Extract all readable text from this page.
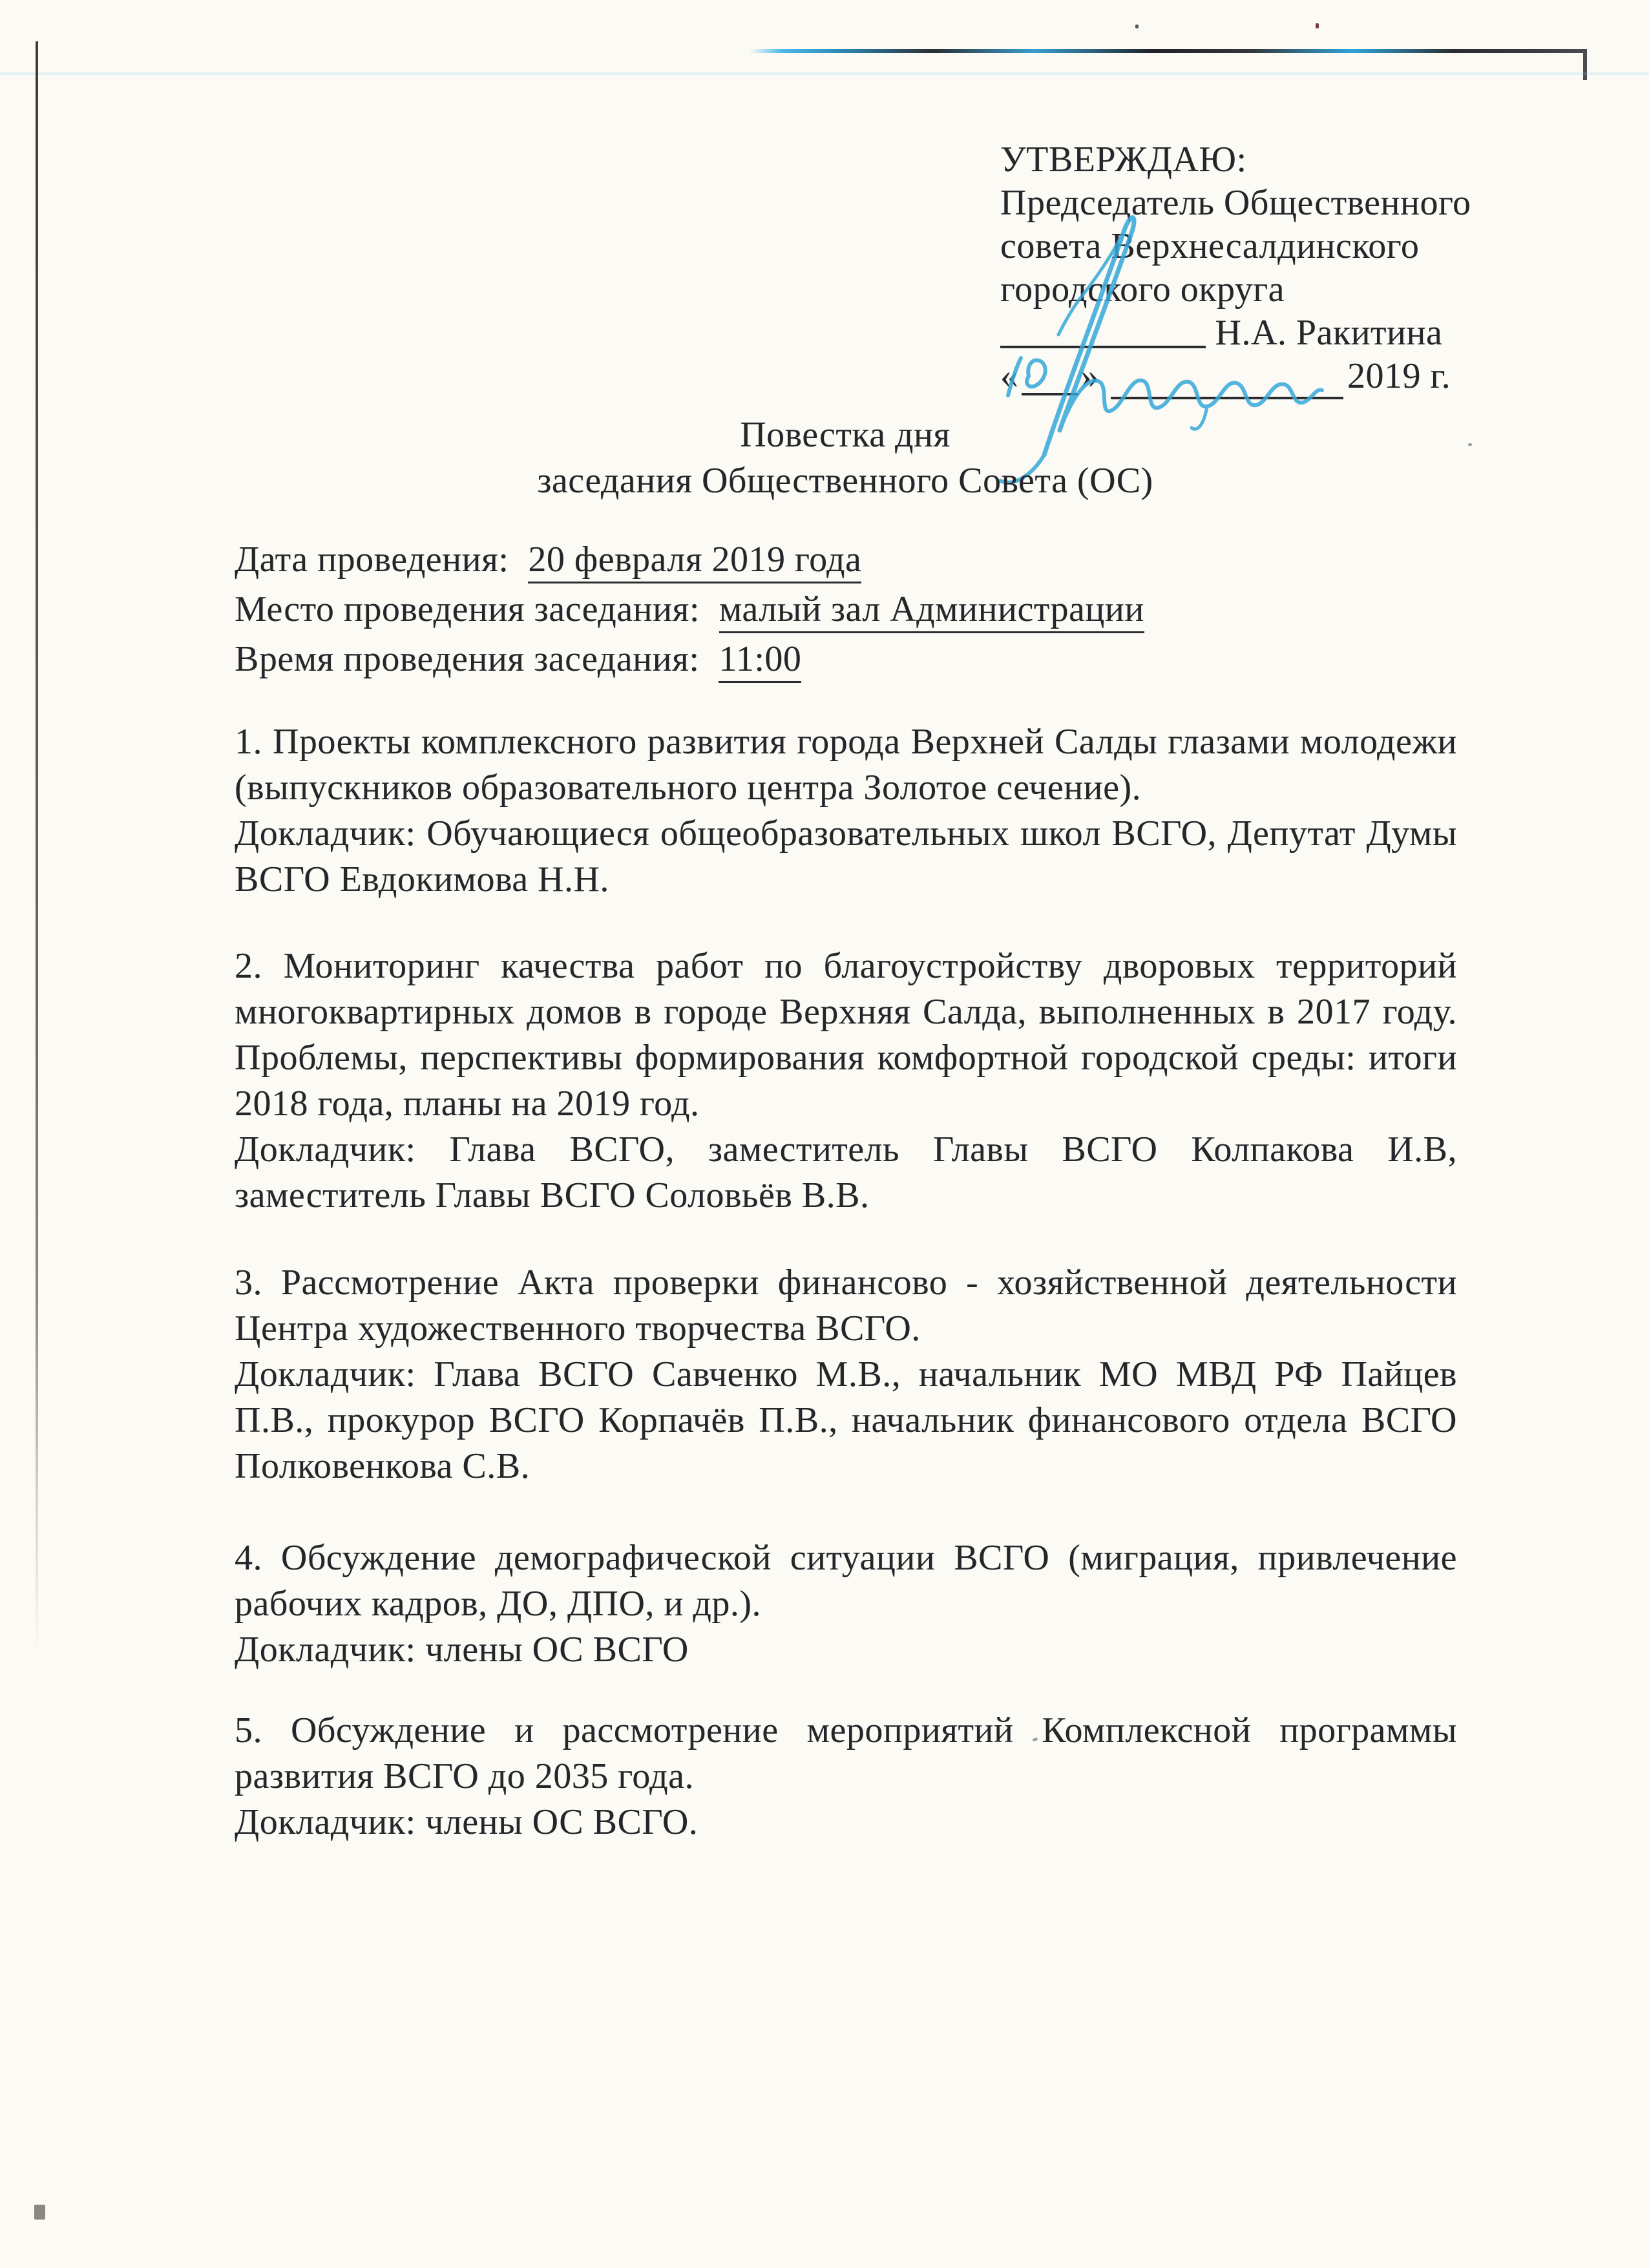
УТВЕРЖДАЮ:
Председатель Общественного
совета Верхнесалдинского
городского округа
Н.А. Ракитина
« »	2019 г.
Повестка дня
заседания Общественного Совета (ОС)
Дата проведения: 20 февраля 2019 года
Место проведения заседания: малый зал Администрации
Время проведения заседания: 11:00

1. Проекты комплексного развития города Верхней Салды глазами молодежи (выпускников образовательного центра Золотое сечение).

Докладчик: Обучающиеся общеобразовательных школ ВСГО, Депутат Думы ВСГО Евдокимова Н.Н.

2. Мониторинг качества работ по благоустройству дворовых территорий многоквартирных домов в городе Верхняя Салда, выполненных в 2017 году. Проблемы, перспективы формирования комфортной городской среды: итоги 2018 года, планы на 2019 год.

Докладчик: Глава ВСГО, заместитель Главы ВСГО Колпакова И.В, заместитель Главы ВСГО Соловьёв В.В.

3. Рассмотрение Акта проверки финансово - хозяйственной деятельности Центра художественного творчества ВСГО.

Докладчик: Глава ВСГО Савченко М.В., начальник МО МВД РФ Пайцев П.В., прокурор ВСГО Корпачёв П.В., начальник финансового отдела ВСГО Полковенкова С.В.

4. Обсуждение демографической ситуации ВСГО (миграция, привлечение рабочих кадров, ДО, ДПО, и др.).

Докладчик: члены ОС ВСГО

5. Обсуждение и рассмотрение мероприятий Комплексной программы развития ВСГО до 2035 года.

Докладчик: члены ОС ВСГО.
